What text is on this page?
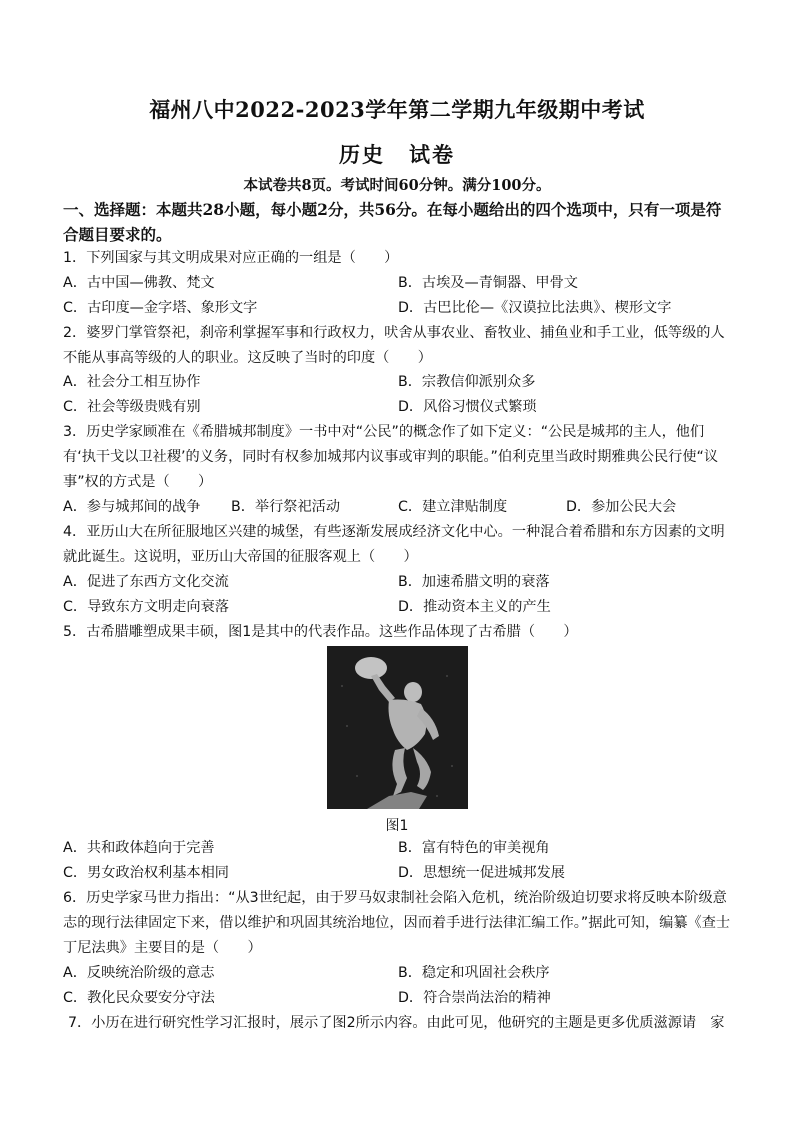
福州八中2022-2023学年第二学期九年级期中考试
历史 试卷
本试卷共8页。考试时间60分钟。满分100分。
一、选择题：本题共28小题，每小题2分，共56分。在每小题给出的四个选项中，只有一项是符合题目要求的。
1．下列国家与其文明成果对应正确的一组是（　　）
A．古中国—佛教、梵文	B．古埃及—青铜器、甲骨文
C．古印度—金字塔、象形文字	D．古巴比伦—《汉谟拉比法典》、楔形文字
2．婆罗门掌管祭祀，刹帝利掌握军事和行政权力，吠舍从事农业、畜牧业、捕鱼业和手工业，低等级的人不能从事高等级的人的职业。这反映了当时的印度（　　）
A．社会分工相互协作	B．宗教信仰派别众多
C．社会等级贵贱有别	D．风俗习惯仪式繁琐
3．历史学家顾准在《希腊城邦制度》一书中对“公民”的概念作了如下定义：“公民是城邦的主人，他们有‘执干戈以卫社稷’的义务，同时有权参加城邦内议事或审判的职能。”伯利克里当政时期雅典公民行使“议事”权的方式是（　　）
A．参与城邦间的战争 B．举行祭祀活动	C．建立津贴制度	D．参加公民大会
4．亚历山大在所征服地区兴建的城堡，有些逐渐发展成经济文化中心。一种混合着希腊和东方因素的文明就此诞生。这说明，亚历山大帝国的征服客观上（　　）
A．促进了东西方文化交流	B．加速希腊文明的衰落
C．导致东方文明走向衰落	D．推动资本主义的产生
5．古希腊雕塑成果丰硕，图1是其中的代表作品。这些作品体现了古希腊（　　）
图1
A．共和政体趋向于完善	B．富有特色的审美视角
C．男女政治权利基本相同	D．思想统一促进城邦发展
6．历史学家马世力指出：“从3世纪起，由于罗马奴隶制社会陷入危机，统治阶级迫切要求将反映本阶级意志的现行法律固定下来，借以维护和巩固其统治地位，因而着手进行法律汇编工作。”据此可知，编纂《查士丁尼法典》主要目的是（　　）
A．反映统治阶级的意志	B．稳定和巩固社会秩序
C．教化民众要安分守法	D．符合崇尚法治的精神
7．小历在进行研究性学习汇报时，展示了图2所示内容。由此可见，他研究的主题是更多优质滋源请　家
